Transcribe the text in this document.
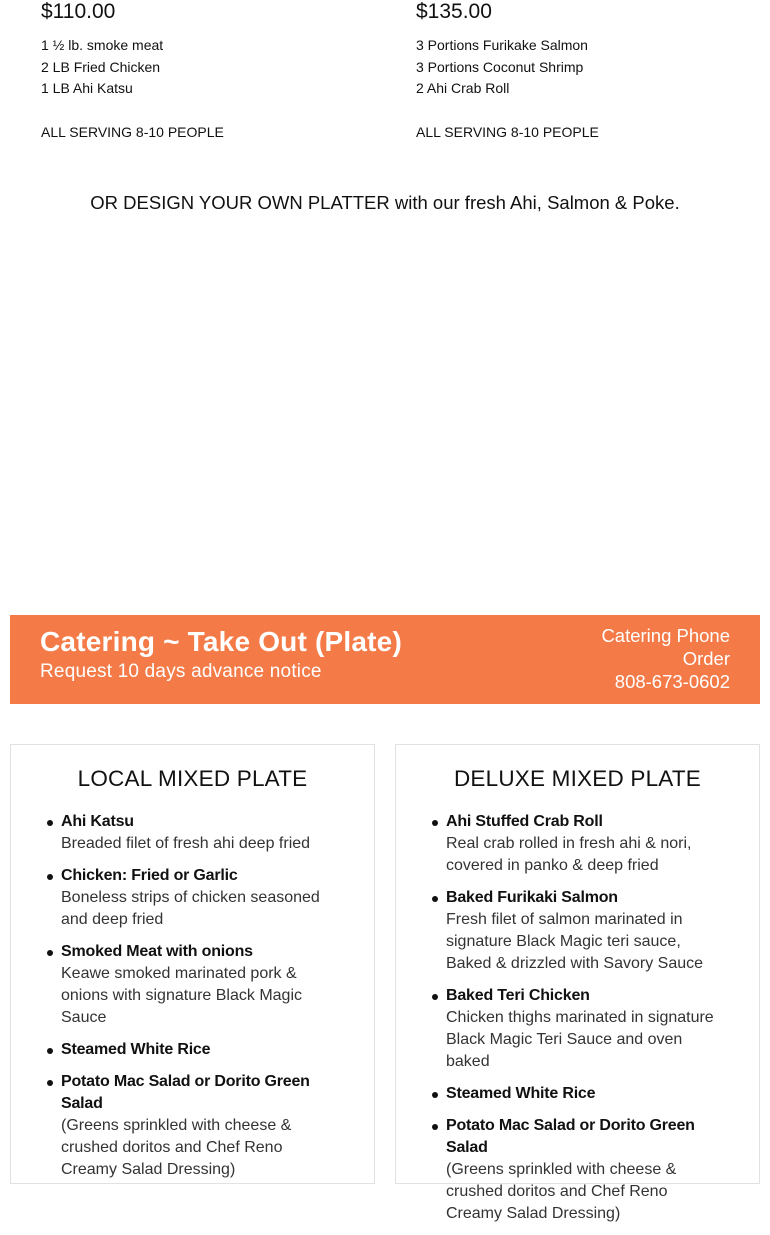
$110.00
1 ½ lb. smoke meat
2 LB Fried Chicken
1 LB Ahi Katsu
ALL SERVING 8-10 PEOPLE
$135.00
3 Portions Furikake Salmon
3 Portions Coconut Shrimp
2 Ahi Crab Roll
ALL SERVING 8-10 PEOPLE
OR DESIGN YOUR OWN PLATTER with our fresh Ahi, Salmon & Poke.
Catering ~ Take Out (Plate)
Request 10 days advance notice
Catering Phone
Order
808-673-0602
LOCAL MIXED PLATE
Ahi Katsu
Breaded filet of fresh ahi deep fried
Chicken: Fried or Garlic
Boneless strips of chicken seasoned and deep fried
Smoked Meat with onions
Keawe smoked marinated pork & onions with signature Black Magic Sauce
Steamed White Rice
Potato Mac Salad or Dorito Green Salad
(Greens sprinkled with cheese & crushed doritos and Chef Reno Creamy Salad Dressing)
DELUXE MIXED PLATE
Ahi Stuffed Crab Roll
Real crab rolled in fresh ahi & nori, covered in panko & deep fried
Baked Furikaki Salmon
Fresh filet of salmon marinated in signature Black Magic teri sauce, Baked & drizzled with Savory Sauce
Baked Teri Chicken
Chicken thighs marinated in signature Black Magic Teri Sauce and oven baked
Steamed White Rice
Potato Mac Salad or Dorito Green Salad
(Greens sprinkled with cheese & crushed doritos and Chef Reno Creamy Salad Dressing)
